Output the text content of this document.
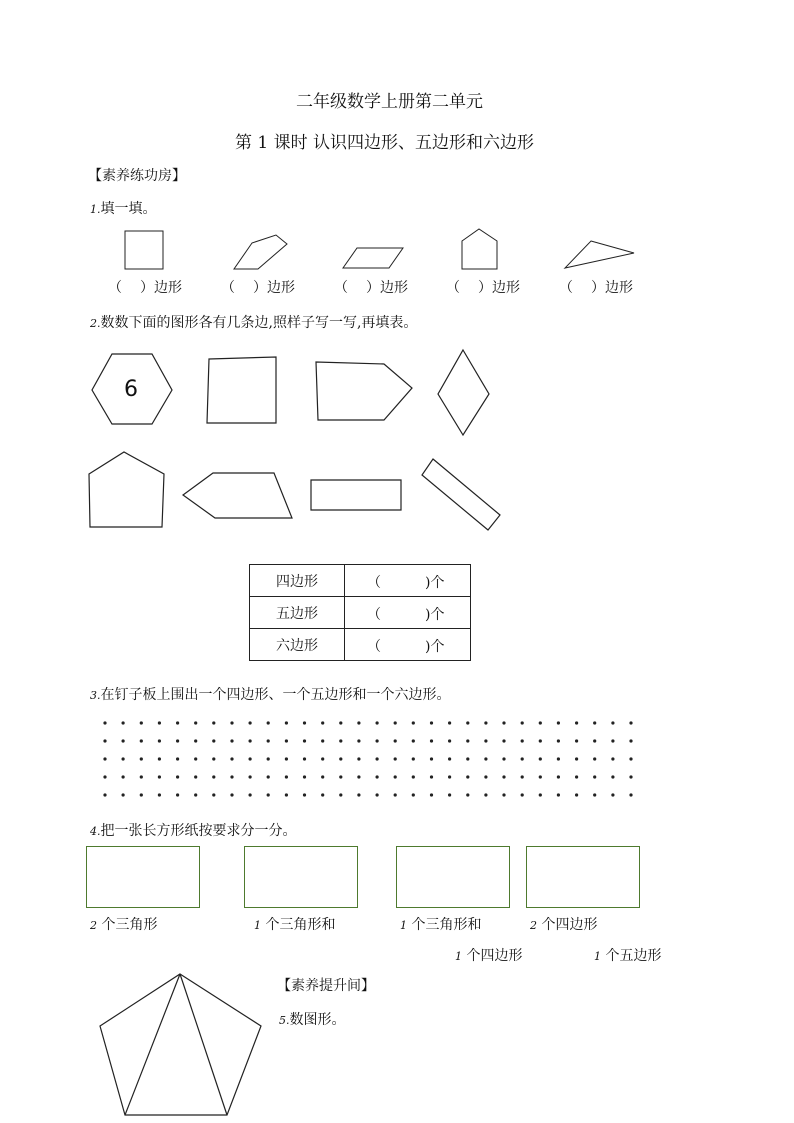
二年级数学上册第二单元
第 1 课时 认识四边形、五边形和六边形
【素养练功房】
1.填一填。
（ ）边形	（ ）边形	（ ）边形	（ ）边形	（ ）边形
2.数数下面的图形各有几条边,照样子写一写,再填表。
6
四边形	（ )个

五边形	（ )个

六边形	（ )个
3.在钉子板上围出一个四边形、一个五边形和一个六边形。
4.把一张长方形纸按要求分一分。
2 个三角形	1 个三角形和	1 个三角形和	2 个四边形
1 个四边形	1 个五边形
【素养提升间】
5.数图形。
